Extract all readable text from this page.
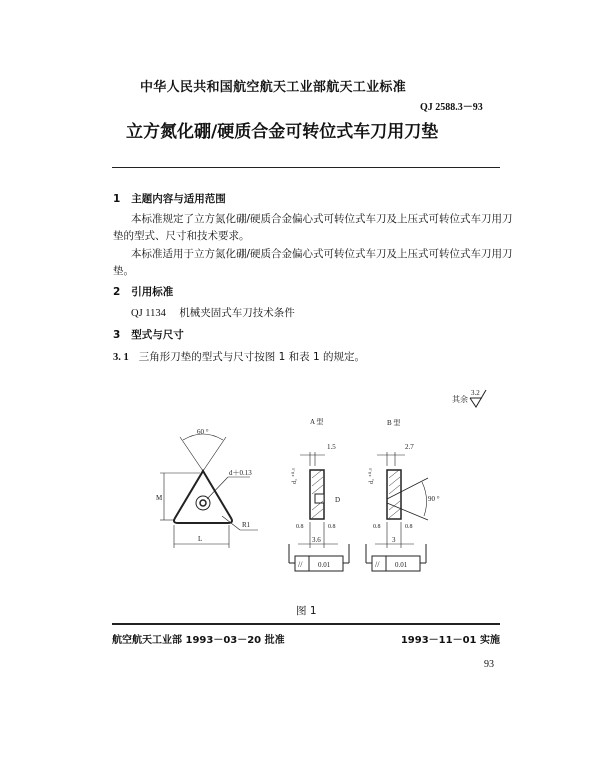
中华人民共和国航空航天工业部航天工业标准
QJ 2588.3－93
立方氮化硼/硬质合金可转位式车刀用刀垫
1 主题内容与适用范围
本标准规定了立方氮化硼/硬质合金偏心式可转位式车刀及上压式可转位式车刀用刀
垫的型式、尺寸和技术要求。
本标准适用于立方氮化硼/硬质合金偏心式可转位式车刀及上压式可转位式车刀用刀
垫。
2 引用标准
QJ 1134 机械夹固式车刀技术条件
3 型式与尺寸
3. 1 三角形刀垫的型式与尺寸按图 1 和表 1 的规定。
其余
3.2
60 °
d＋0.13
M
L
R1
A 型	B 型
1.5
d₁ ⁺⁰·¹
D
0.8	0.8
3.6
// 0.01
2.7
d₁ ⁺⁰·¹
90 °
0.8	0.8
3
// 0.01
图 1
航空航天工业部 1993－03－20 批准	1993－11－01 实施
93
